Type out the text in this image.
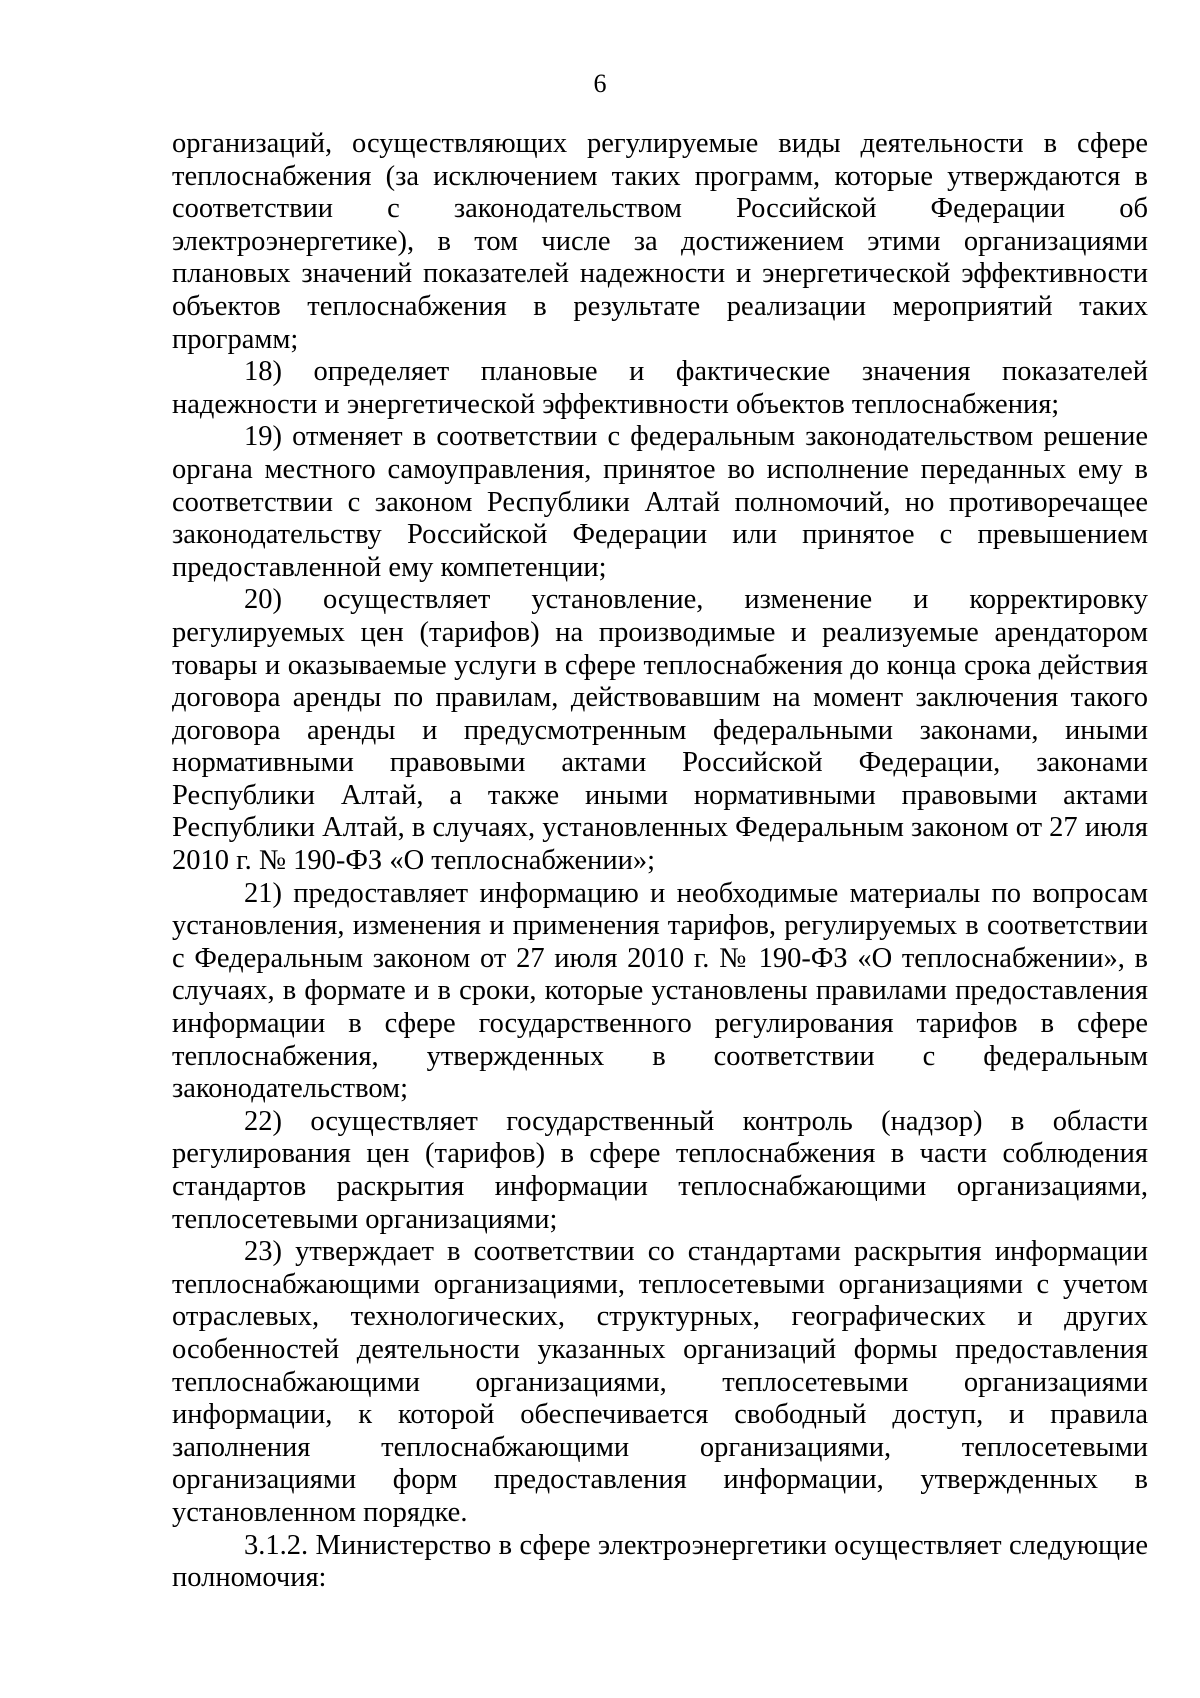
6

организаций, осуществляющих регулируемые виды деятельности в сфере теплоснабжения (за исключением таких программ, которые утверждаются в соответствии с законодательством Российской Федерации об электроэнергетике), в том числе за достижением этими организациями плановых значений показателей надежности и энергетической эффективности объектов теплоснабжения в результате реализации мероприятий таких программ;

18) определяет плановые и фактические значения показателей надежности и энергетической эффективности объектов теплоснабжения;

19) отменяет в соответствии с федеральным законодательством решение органа местного самоуправления, принятое во исполнение переданных ему в соответствии с законом Республики Алтай полномочий, но противоречащее законодательству Российской Федерации или принятое с превышением предоставленной ему компетенции;

20) осуществляет установление, изменение и корректировку регулируемых цен (тарифов) на производимые и реализуемые арендатором товары и оказываемые услуги в сфере теплоснабжения до конца срока действия договора аренды по правилам, действовавшим на момент заключения такого договора аренды и предусмотренным федеральными законами, иными нормативными правовыми актами Российской Федерации, законами Республики Алтай, а также иными нормативными правовыми актами Республики Алтай, в случаях, установленных Федеральным законом от 27 июля 2010 г. № 190-ФЗ «О теплоснабжении»;

21) предоставляет информацию и необходимые материалы по вопросам установления, изменения и применения тарифов, регулируемых в соответствии с Федеральным законом от 27 июля 2010 г. № 190-ФЗ «О теплоснабжении», в случаях, в формате и в сроки, которые установлены правилами предоставления информации в сфере государственного регулирования тарифов в сфере теплоснабжения, утвержденных в соответствии с федеральным законодательством;

22) осуществляет государственный контроль (надзор) в области регулирования цен (тарифов) в сфере теплоснабжения в части соблюдения стандартов раскрытия информации теплоснабжающими организациями, теплосетевыми организациями;

23) утверждает в соответствии со стандартами раскрытия информации теплоснабжающими организациями, теплосетевыми организациями с учетом отраслевых, технологических, структурных, географических и других особенностей деятельности указанных организаций формы предоставления теплоснабжающими организациями, теплосетевыми организациями информации, к которой обеспечивается свободный доступ, и правила заполнения теплоснабжающими организациями, теплосетевыми организациями форм предоставления информации, утвержденных в установленном порядке.

3.1.2. Министерство в сфере электроэнергетики осуществляет следующие полномочия:
